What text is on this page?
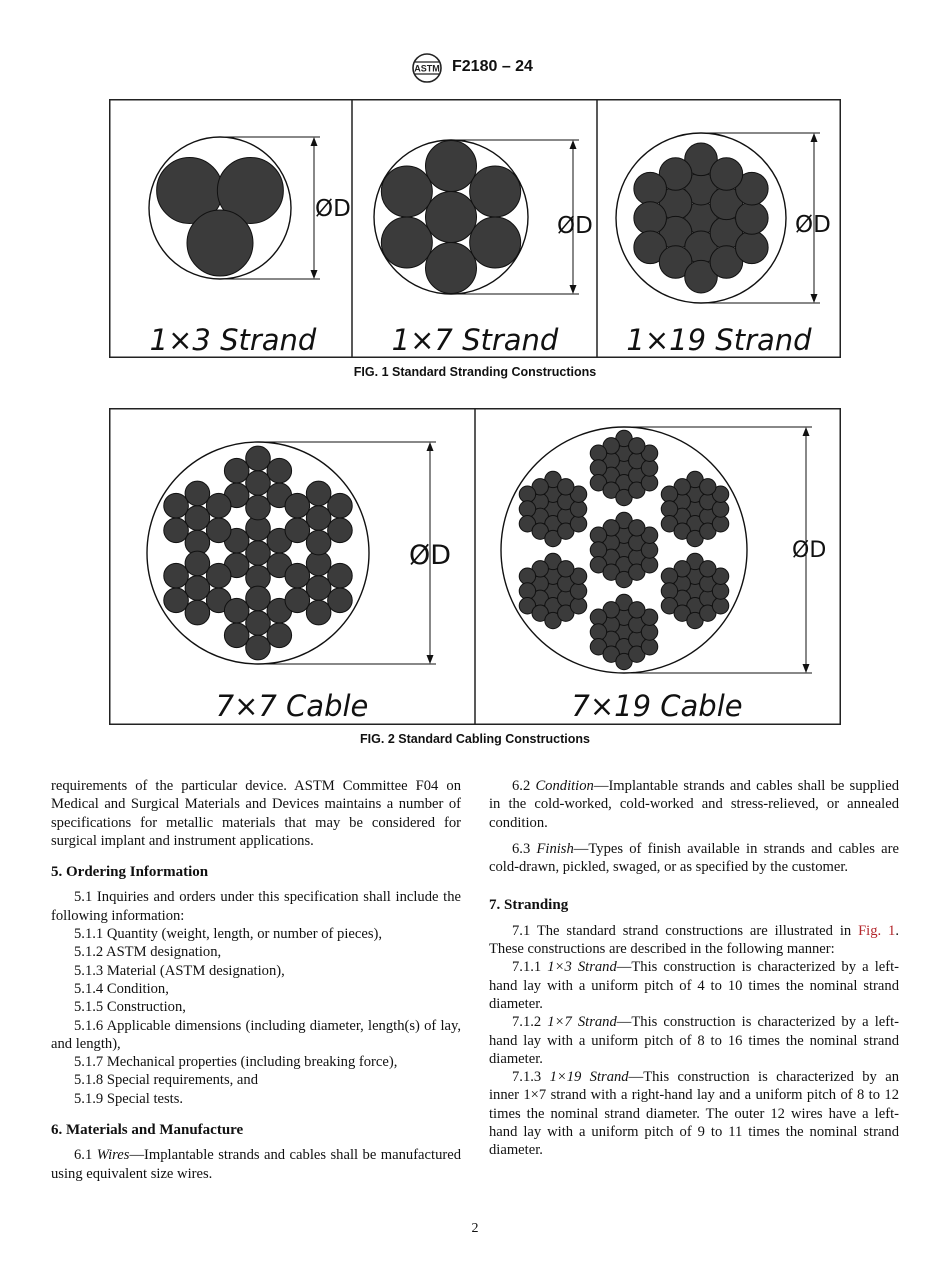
ASTM F2180 – 24
ØD
ØD	ØD
1×3 Strand	1×7 Strand 1×19 Strand
FIG. 1 Standard Stranding Constructions
ØD	ØD
7×7 Cable	7×19 Cable
FIG. 2 Standard Cabling Constructions

requirements of the particular device. ASTM Committee F04 on Medical and Surgical Materials and Devices maintains a number of specifications for metallic materials that may be considered for surgical implant and instrument applications.

5. Ordering Information

5.1 Inquiries and orders under this specification shall include the following information:

5.1.1 Quantity (weight, length, or number of pieces),

5.1.2 ASTM designation,

5.1.3 Material (ASTM designation),

5.1.4 Condition,

5.1.5 Construction,

5.1.6 Applicable dimensions (including diameter, length(s) of lay, and length),

5.1.7 Mechanical properties (including breaking force),

5.1.8 Special requirements, and

5.1.9 Special tests.

6. Materials and Manufacture

6.1 Wires—Implantable strands and cables shall be manufactured using equivalent size wires.

6.2 Condition—Implantable strands and cables shall be supplied in the cold-worked, cold-worked and stress-relieved, or annealed condition.

6.3 Finish—Types of finish available in strands and cables are cold-drawn, pickled, swaged, or as specified by the customer.

7. Stranding

7.1 The standard strand constructions are illustrated in Fig. 1. These constructions are described in the following manner:

7.1.1 1×3 Strand—This construction is characterized by a left-hand lay with a uniform pitch of 4 to 10 times the nominal strand diameter.

7.1.2 1×7 Strand—This construction is characterized by a left-hand lay with a uniform pitch of 8 to 16 times the nominal strand diameter.

7.1.3 1×19 Strand—This construction is characterized by an inner 1×7 strand with a right-hand lay and a uniform pitch of 8 to 12 times the nominal strand diameter. The outer 12 wires have a left-hand lay with a uniform pitch of 9 to 11 times the nominal strand diameter.

2
